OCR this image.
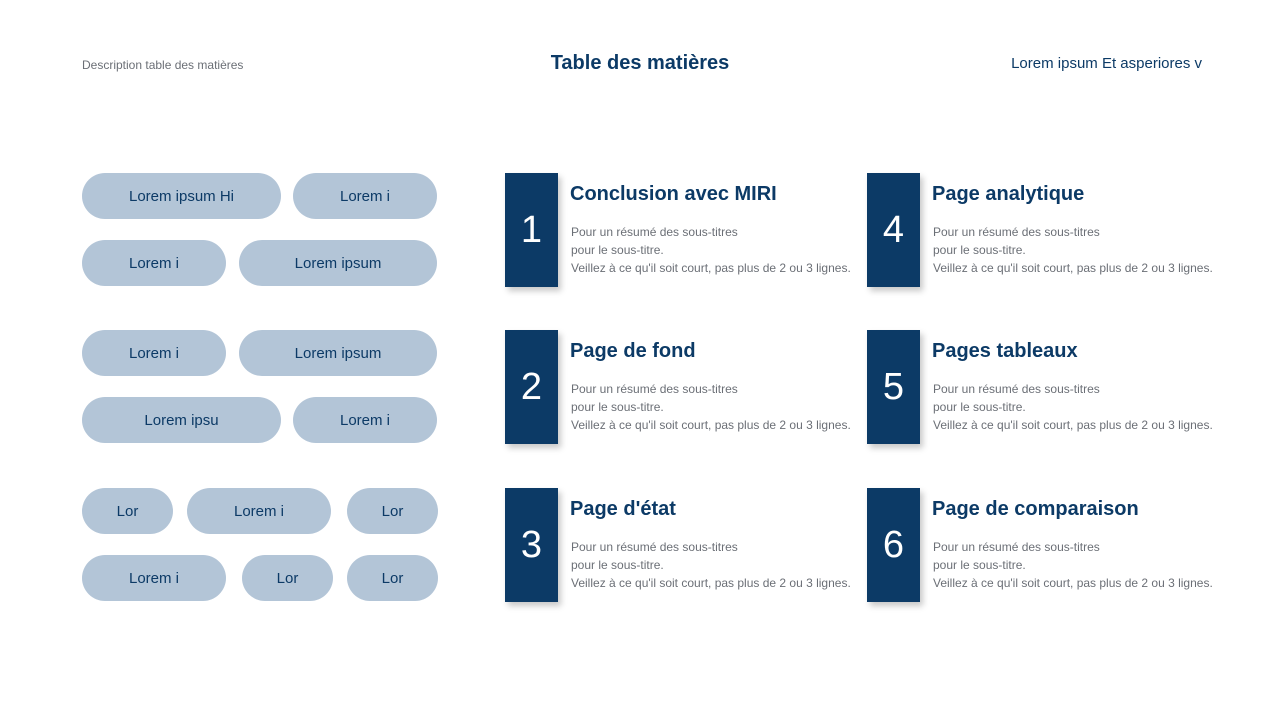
Description table des matières	Table des matières	Lorem ipsum Et asperiores v
Lorem ipsum Hi	Lorem i
Lorem i	Lorem ipsum
Lorem i	Lorem ipsum
Lorem ipsu	Lorem i
Lor	Lorem i	Lor
Lorem i	Lor	Lor
1
Conclusion avec MIRI
Pour un résumé des sous-titres
pour le sous-titre.
Veillez à ce qu'il soit court, pas plus de 2 ou 3 lignes.
2
Page de fond
Pour un résumé des sous-titres
pour le sous-titre.
Veillez à ce qu'il soit court, pas plus de 2 ou 3 lignes.
3
Page d'état
Pour un résumé des sous-titres
pour le sous-titre.
Veillez à ce qu'il soit court, pas plus de 2 ou 3 lignes.
4
Page analytique
Pour un résumé des sous-titres
pour le sous-titre.
Veillez à ce qu'il soit court, pas plus de 2 ou 3 lignes.
5
Pages tableaux
Pour un résumé des sous-titres
pour le sous-titre.
Veillez à ce qu'il soit court, pas plus de 2 ou 3 lignes.
6
Page de comparaison
Pour un résumé des sous-titres
pour le sous-titre.
Veillez à ce qu'il soit court, pas plus de 2 ou 3 lignes.
